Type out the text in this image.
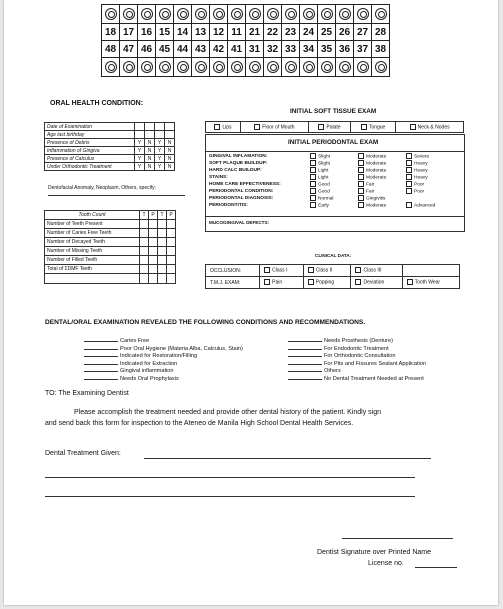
18	17	16	15	14	13	12	11	21	22	23	24	25	26	27	28
48	47	46	45	44	43	42	41	31	32	33	34	35	36	37	38

ORAL HEALTH CONDITION:
Date of Examination				
Age last birthday				
Presence of Debris	Y	N	Y	N
Inflammation of Gingiva	Y	N	Y	N
Presence of Calculus	Y	N	Y	N
Under Orthodontic Treatment	Y	N	Y	N
Dentofacial Anomaly, Neoplasm, Others, specify:
Tooth Count	T	P	T	P
Number of Teeth Present				
Number of Caries Free Teeth				
Number of Decayed Teeth				
Number of Missing Teeth				
Number of Filled Teeth				
Total of ΣDMF Teeth				

INITIAL SOFT TISSUE EXAM
Lips	Floor of Mouth	Palate	Tongue	Neck & Nodes
INITIAL PERIODONTAL EXAM
GINGIVAL INFLAMATION:	Slight	Moderate	Severe
SOFT PLAQUE BUILDUP:	Slight	Moderate	Heavy
HARD CALC BUILDUP:	Light	Moderate	Heavy
STAINS:	Light	Moderate	Heavy
HOME CARE EFFECTIVENESS:	Good	Fair	Poor
PERIODONTAL CONDITION:	Good	Fair	Poor
PERIODONTAL DIAGNOSIS:	Normal	Gingivitis	
PERIODONTITIS:	Early	Moderate	Advanced
MUCOGINGIVAL DEFECTS:
CLINICAL DATA:
OCCLUSION:	Class I	Class II	Class III	
T.M.J. EXAM:	Pain	Popping	Deviation	Tooth Wear
DENTAL/ORAL EXAMINATION REVEALED THE FOLLOWING CONDITIONS AND RECOMMENDATIONS.
Caries Free
Poor Oral Hygiene (Materia Alba, Calculus, Stain)
Indicated for Restoration/Filling
Indicated for Extraction
Gingival inflammation
Needs Oral Prophylaxis
Needs Prosthesis (Denture)
For Endodontic Treatment
For Orthodontic Consultation
For Pits and Fissures Sealant Application
Others
No Dental Treatment Needed at Present
TO: The Examining Dentist
Please accomplish the treatment needed and provide other dental history of the patient. Kindly sign
and send back this form for inspection to the Ateneo de Manila High School Dental Health Services.
Dental Treatment Given:
Dentist Signature over Printed Name
License no.
